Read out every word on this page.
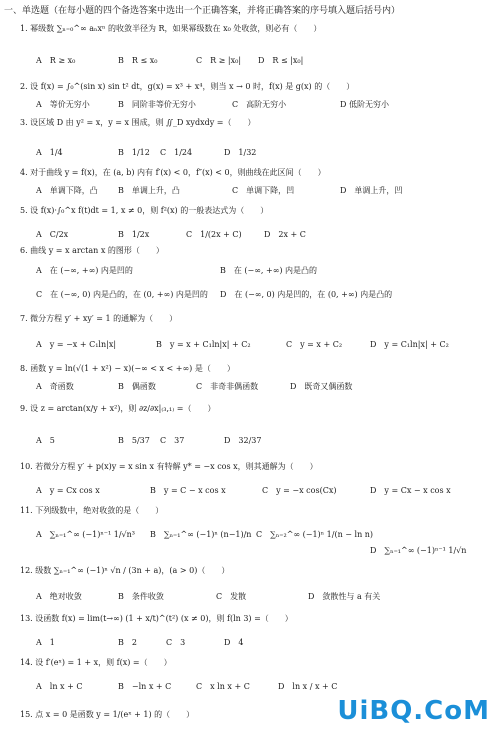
一、单选题（在每小题的四个备选答案中选出一个正确答案，并将正确答案的序号填入题后括号内）
1. 幂级数 ∑ₙ₌₀^∞ aₙxⁿ 的收敛半径为 R，如果幂级数在 x₀ 处收敛，则必有（　　）
A　R ≥ x₀	B　R ≤ x₀	C　R ≥ |x₀| D　R ≤ |x₀|
2. 设 f(x) = ∫₀^(sin x) sin t² dt，g(x) = x³ + x⁴，则当 x → 0 时，f(x) 是 g(x) 的（　　）
A　等价无穷小	B　同阶非等价无穷小	C　高阶无穷小	D 低阶无穷小
3. 设区域 D 由 y² = x，y = x 围成，则 ∬_D xydxdy =（　　）
A　1/4	B　1/12 C　1/24	D　1/32
4. 对于曲线 y = f(x)，在 (a, b) 内有 f′(x) < 0，f″(x) < 0，则曲线在此区间（　　）
A　单调下降，凸	B　单调上升，凸	C　单调下降，凹	D　单调上升，凹
5. 设 f(x)·∫₀^x f(t)dt = 1, x ≠ 0，则 f²(x) 的一般表达式为（　　）
A　C/2x	B　1/2x	C　1/(2x + C)	D　2x + C
6. 曲线 y = x arctan x 的图形（　　）
A　在 (−∞, +∞) 内是凹的	B　在 (−∞, +∞) 内是凸的
C　在 (−∞, 0) 内是凸的，在 (0, +∞) 内是凹的 D　在 (−∞, 0) 内是凹的，在 (0, +∞) 内是凸的
7. 微分方程 y′ + xy′ = 1 的通解为（　　）
A　y = −x + C₁ln|x|	B　y = x + C₁ln|x| + C₂	C　y = x + C₂	D　y = C₁ln|x| + C₂
8. 函数 y = ln(√(1 + x²) − x)(−∞ < x < +∞) 是（　　）
A　奇函数	B　偶函数	C　非奇非偶函数	D　既奇又偶函数
9. 设 z = arctan(x/y + x²)，则 ∂z/∂x|₍₃,₁₎ =（　　）
A　5	B　5/37 C　37	D　32/37
10. 若微分方程 y′ + p(x)y = x sin x 有特解 y* = −x cos x，则其通解为（　　）
A　y = Cx cos x	B　y = C − x cos x	C　y = −x cos(Cx)	D　y = Cx − x cos x
11. 下列级数中，绝对收敛的是（　　）
A　∑ₙ₌₁^∞ (−1)ⁿ⁻¹ 1/√n³ B　∑ₙ₌₁^∞ (−1)ⁿ (n−1)/n C　∑ₙ₌₂^∞ (−1)ⁿ 1/(n − ln n)
D　∑ₙ₌₁^∞ (−1)ⁿ⁻¹ 1/√n
12. 级数 ∑ₙ₌₁^∞ (−1)ⁿ √n / (3n + a)，(a > 0)（　　）
A　绝对收敛	B　条件收敛	C　发散	D　敛散性与 a 有关
13. 设函数 f(x) = lim(t→∞) (1 + x/t)^(t²) (x ≠ 0)，则 f(ln 3) =（　　）
A　1	B　2	C　3	D　4
14. 设 f′(eˣ) = 1 + x，则 f(x) =（　　）
A　ln x + C	B　−ln x + C	C　x ln x + C	D　ln x / x + C
15. 点 x = 0 是函数 y = 1/(eˣ + 1) 的（　　）	UiBQ.CoM
